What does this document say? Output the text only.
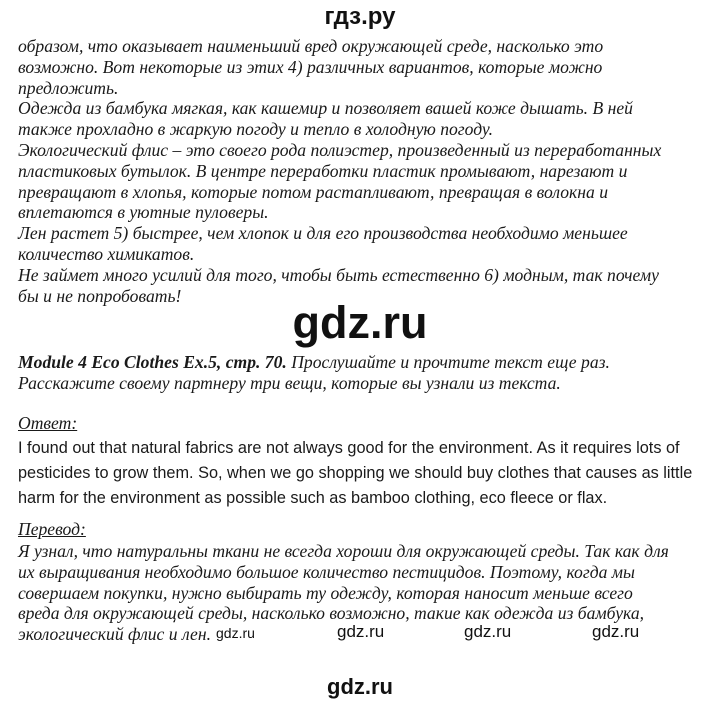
гдз.ру
образом, что оказывает наименьший вред окружающей среде, насколько это
возможно. Вот некоторые из этих 4) различных вариантов, которые можно
предложить.
Одежда из бамбука мягкая, как кашемир и позволяет вашей коже дышать. В ней
также прохладно в жаркую погоду и тепло в холодную погоду.
Экологический флис – это своего рода полиэстер, произведенный из переработанных
пластиковых бутылок. В центре переработки пластик промывают, нарезают и
превращают в хлопья, которые потом растапливают, превращая в волокна и
вплетаются в уютные пуловеры.
Лен растет 5) быстрее, чем хлопок и для его производства необходимо меньшее
количество химикатов.
Не займет много усилий для того, чтобы быть естественно 6) модным, так почему
бы и не попробовать!
gdz.ru
Module 4 Eco Clothes Ex.5, стр. 70. Прослушайте и прочтите текст еще раз.
Расскажите своему партнеру три вещи, которые вы узнали из текста.
Ответ:
I found out that natural fabrics are not always good for the environment. As it requires lots of
pesticides to grow them. So, when we go shopping we should buy clothes that causes as little
harm for the environment as possible such as bamboo clothing, eco fleece or flax.
Перевод:
Я узнал, что натуральны ткани не всегда хороши для окружающей среды. Так как для
их выращивания необходимо большое количество пестицидов. Поэтому, когда мы
совершаем покупки, нужно выбирать ту одежду, которая наносит меньше всего
вреда для окружающей среды, насколько возможно, такие как одежда из бамбука,
экологический флис и лен. gdz.ru	gdz.ru	gdz.ru	gdz.ru
gdz.ru
